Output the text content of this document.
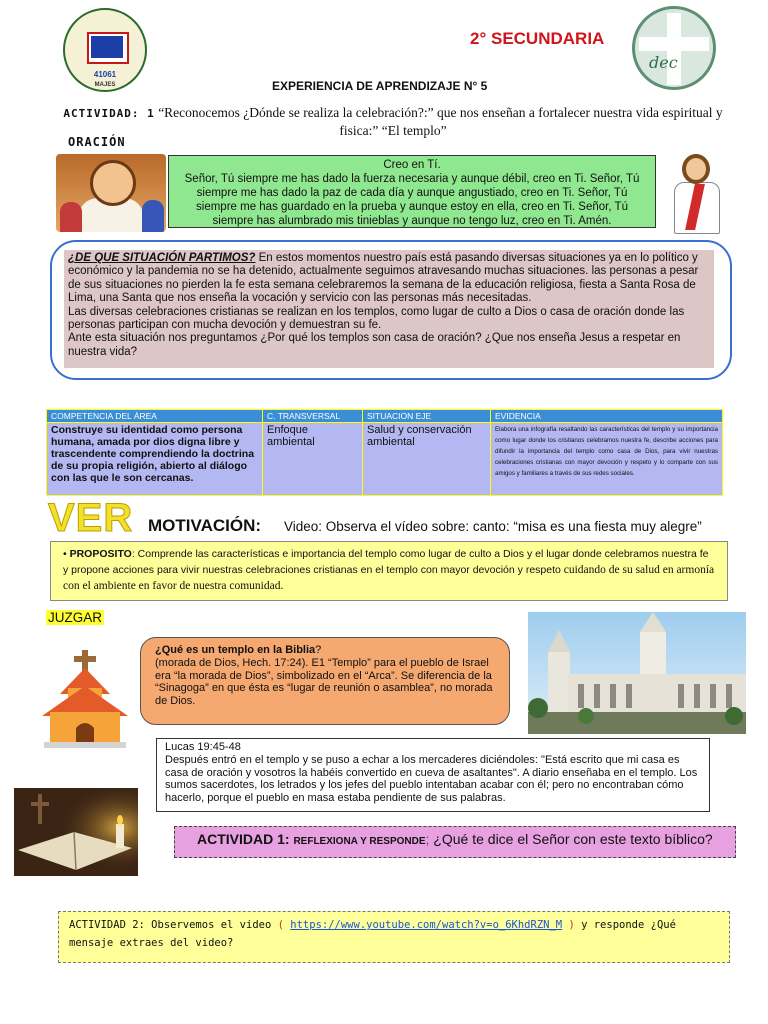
41061
MAJES
2° SECUNDARIA
dec
EXPERIENCIA DE APRENDIZAJE N° 5
ACTIVIDAD: 1 “Reconocemos ¿Dónde se realiza la celebración?:” que nos enseñan a fortalecer nuestra vida espiritual y fisica:” “El templo”
ORACIÓN
Creo en Tí.
Señor, Tú siempre me has dado la fuerza necesaria y aunque débil, creo en Ti. Señor, Tú siempre me has dado la paz de cada día y aunque angustiado, creo en Ti. Señor, Tú siempre me has guardado en la prueba y aunque estoy en ella, creo en Ti. Señor, Tú siempre has alumbrado mis tinieblas y aunque no tengo luz, creo en Ti. Amén.
¿DE QUE SITUACIÓN PARTIMOS? En estos momentos nuestro país está pasando diversas situaciones ya en lo político y económico y la pandemia no se ha detenido, actualmente seguimos atravesando muchas situaciones. las personas a pesar de sus situaciones no pierden la fe esta semana celebraremos la semana de la educación religiosa, fiesta a Santa Rosa de Lima, una Santa que nos enseña la vocación y servicio con las personas más necesitadas.
Las diversas celebraciones cristianas se realizan en los templos, como lugar de culto a Dios o casa de oración donde las personas participan con mucha devoción y demuestran su fe.
Ante esta situación nos preguntamos ¿Por qué los templos son casa de oración? ¿Que nos enseña Jesus a respetar en nuestra vida?
COMPETENCIA DEL ÁREA	C. TRANSVERSAL	SITUACION EJE	EVIDENCIA
Construye su identidad como persona humana, amada por dios digna libre y trascendente comprendiendo la doctrina de su propia religión, abierto al diálogo con las que le son cercanas.	Enfoque ambiental	Salud y conservación ambiental	Elabora una infografía resaltando las características del templo y su importancia como lugar donde los cristianos celebramos nuestra fe, describe acciones para difundir la importancia del templo como casa de Dios, para vivir nuestras celebraciones cristianas con mayor devoción y respeto y lo comparte con sus amigos y familiares a través de sus redes sociales.
VER MOTIVACIÓN: Video: Observa el vídeo sobre: canto: “misa es una fiesta muy alegre”
• PROPOSITO: Comprende las características e importancia del templo como lugar de culto a Dios y el lugar donde celebramos nuestra fe y propone acciones para vivir nuestras celebraciones cristianas en el templo con mayor devoción y respeto cuidando de su salud en armonía con el ambiente en favor de nuestra comunidad.
JUZGAR
¿Qué es un templo en la Biblia?
(morada de Dios, Hech. 17:24). E1 “Templo” para el pueblo de Israel era “la morada de Dios”, simbolizado en el “Arca”. Se diferencia de la “Sinagoga” en que ésta es “lugar de reunión o asamblea”, no morada de Dios.
Lucas 19:45-48
Después entró en el templo y se puso a echar a los mercaderes diciéndoles: "Está escrito que mi casa es casa de oración y vosotros la habéis convertido en cueva de asaltantes". A diario enseñaba en el templo. Los sumos sacerdotes, los letrados y los jefes del pueblo intentaban acabar con él; pero no encontraban cómo hacerlo, porque el pueblo en masa estaba pendiente de sus palabras.
ACTIVIDAD 1: REFLEXIONA Y RESPONDE; ¿Qué te dice el Señor con este texto bíblico?
ACTIVIDAD 2: Observemos el video ( https://www.youtube.com/watch?v=o_6KhdRZN_M ) y responde ¿Qué mensaje extraes del video?
